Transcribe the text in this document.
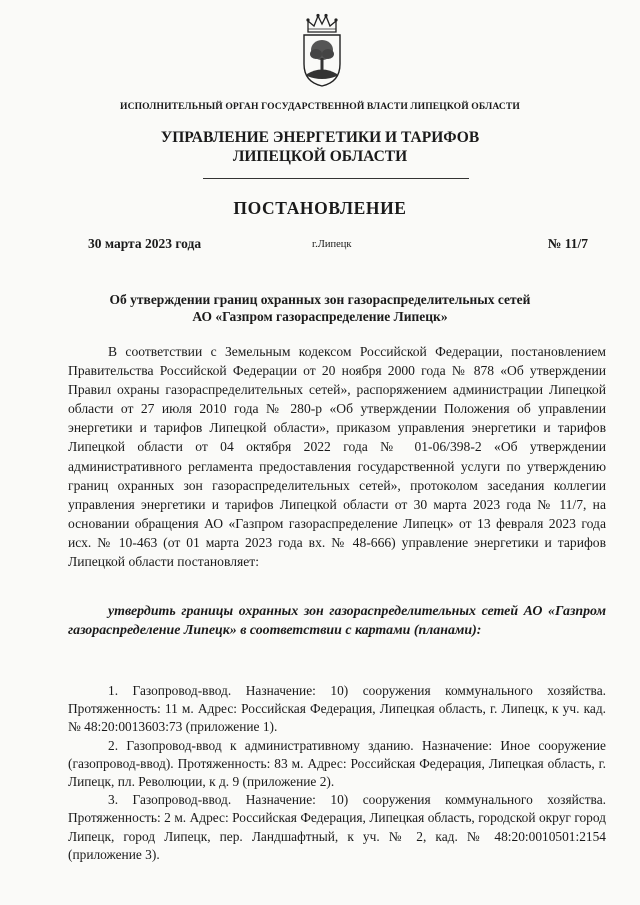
ИСПОЛНИТЕЛЬНЫЙ ОРГАН ГОСУДАРСТВЕННОЙ ВЛАСТИ ЛИПЕЦКОЙ ОБЛАСТИ
УПРАВЛЕНИЕ ЭНЕРГЕТИКИ И ТАРИФОВ
ЛИПЕЦКОЙ ОБЛАСТИ
ПОСТАНОВЛЕНИЕ
30 марта 2023 года	г.Липецк	№ 11/7
Об утверждении границ охранных зон газораспределительных сетей
АО «Газпром газораспределение Липецк»

В соответствии с Земельным кодексом Российской Федерации, постановлением Правительства Российской Федерации от 20 ноября 2000 года № 878 «Об утверждении Правил охраны газораспределительных сетей», распоряжением администрации Липецкой области от 27 июля 2010 года № 280-р «Об утверждении Положения об управлении энергетики и тарифов Липецкой области», приказом управления энергетики и тарифов Липецкой области от 04 октября 2022 года № 01-06/398-2 «Об утверждении административного регламента предоставления государственной услуги по утверждению границ охранных зон газораспределительных сетей», протоколом заседания коллегии управления энергетики и тарифов Липецкой области от 30 марта 2023 года № 11/7, на основании обращения АО «Газпром газораспределение Липецк» от 13 февраля 2023 года исх. № 10-463 (от 01 марта 2023 года вх. № 48-666) управление энергетики и тарифов Липецкой области постановляет:

утвердить границы охранных зон газораспределительных сетей АО «Газпром газораспределение Липецк» в соответствии с картами (планами):

1. Газопровод-ввод. Назначение: 10) сооружения коммунального хозяйства. Протяженность: 11 м. Адрес: Российская Федерация, Липецкая область, г. Липецк, к уч. кад. № 48:20:0013603:73 (приложение 1).
2. Газопровод-ввод к административному зданию. Назначение: Иное сооружение (газопровод-ввод). Протяженность: 83 м. Адрес: Российская Федерация, Липецкая область, г. Липецк, пл. Революции, к д. 9 (приложение 2).
3. Газопровод-ввод. Назначение: 10) сооружения коммунального хозяйства. Протяженность: 2 м. Адрес: Российская Федерация, Липецкая область, городской округ город Липецк, город Липецк, пер. Ландшафтный, к уч. № 2, кад. № 48:20:0010501:2154 (приложение 3).
